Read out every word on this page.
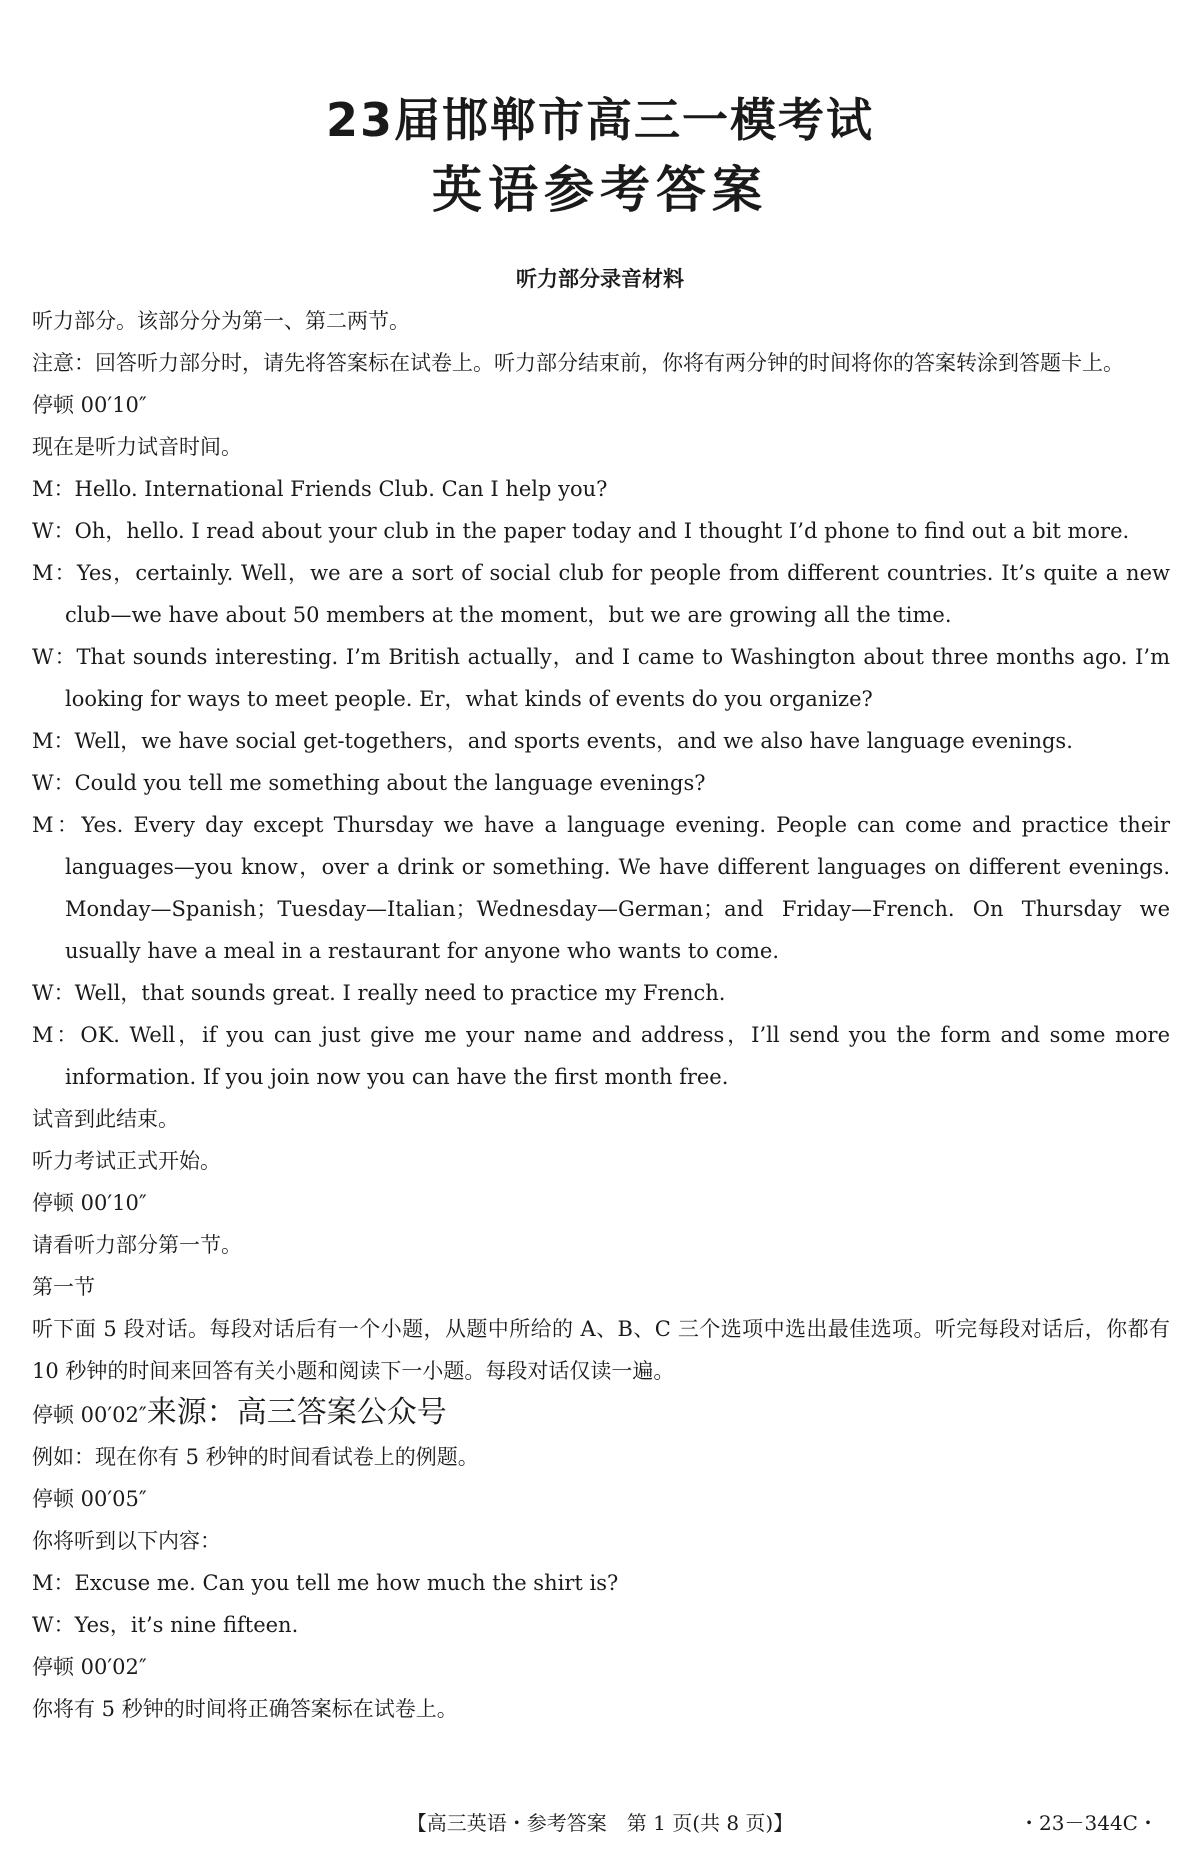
23届邯郸市高三一模考试
英语参考答案
听力部分录音材料

听力部分。该部分分为第一、第二两节。

注意：回答听力部分时，请先将答案标在试卷上。听力部分结束前，你将有两分钟的时间将你的答案转涂到答题卡上。

停顿 00′10″

现在是听力试音时间。

M：Hello. International Friends Club. Can I help you?

W：Oh，hello. I read about your club in the paper today and I thought I’d phone to find out a bit more.

M：Yes，certainly. Well，we are a sort of social club for people from different countries. It’s quite a new club—we have about 50 members at the moment，but we are growing all the time.

W：That sounds interesting. I’m British actually，and I came to Washington about three months ago. I’m looking for ways to meet people. Er，what kinds of events do you organize?

M：Well，we have social get-togethers，and sports events，and we also have language evenings.

W：Could you tell me something about the language evenings?

M：Yes. Every day except Thursday we have a language evening. People can come and practice their languages—you know，over a drink or something. We have different languages on different evenings. Monday—Spanish；Tuesday—Italian；Wednesday—German；and Friday—French. On Thursday we usually have a meal in a restaurant for anyone who wants to come.

W：Well，that sounds great. I really need to practice my French.

M：OK. Well，if you can just give me your name and address，I’ll send you the form and some more information. If you join now you can have the first month free.

试音到此结束。

听力考试正式开始。

停顿 00′10″

请看听力部分第一节。

第一节

听下面 5 段对话。每段对话后有一个小题，从题中所给的 A、B、C 三个选项中选出最佳选项。听完每段对话后，你都有 10 秒钟的时间来回答有关小题和阅读下一小题。每段对话仅读一遍。

停顿 00′02″来源：高三答案公众号

例如：现在你有 5 秒钟的时间看试卷上的例题。

停顿 00′05″

你将听到以下内容：

M：Excuse me. Can you tell me how much the shirt is?

W：Yes，it’s nine fifteen.

停顿 00′02″

你将有 5 秒钟的时间将正确答案标在试卷上。

【高三英语・参考答案　第 1 页(共 8 页)】	・23－344C・
